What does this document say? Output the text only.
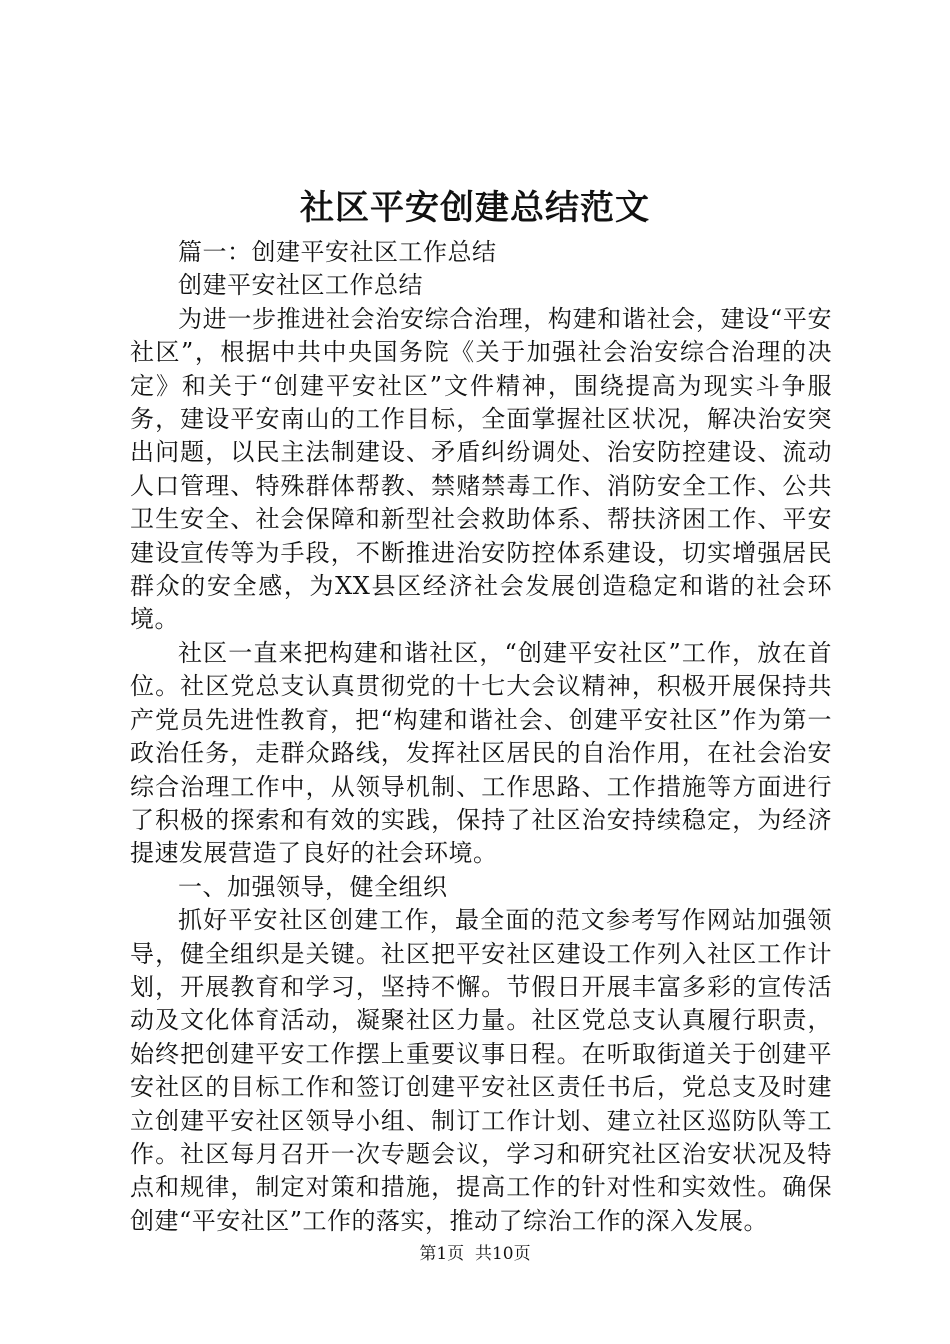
社区平安创建总结范文

篇一：创建平安社区工作总结

创建平安社区工作总结

为进一步推进社会治安综合治理，构建和谐社会，建设“平安社区”，根据中共中央国务院《关于加强社会治安综合治理的决定》和关于“创建平安社区”文件精神，围绕提高为现实斗争服务，建设平安南山的工作目标，全面掌握社区状况，解决治安突出问题，以民主法制建设、矛盾纠纷调处、治安防控建设、流动人口管理、特殊群体帮教、禁赌禁毒工作、消防安全工作、公共卫生安全、社会保障和新型社会救助体系、帮扶济困工作、平安建设宣传等为手段，不断推进治安防控体系建设，切实增强居民群众的安全感，为XX县区经济社会发展创造稳定和谐的社会环境。

社区一直来把构建和谐社区，“创建平安社区”工作，放在首位。社区党总支认真贯彻党的十七大会议精神，积极开展保持共产党员先进性教育，把“构建和谐社会、创建平安社区”作为第一政治任务，走群众路线，发挥社区居民的自治作用，在社会治安综合治理工作中，从领导机制、工作思路、工作措施等方面进行了积极的探索和有效的实践，保持了社区治安持续稳定，为经济提速发展营造了良好的社会环境。

一、加强领导，健全组织

抓好平安社区创建工作，最全面的范文参考写作网站加强领导，健全组织是关键。社区把平安社区建设工作列入社区工作计划，开展教育和学习，坚持不懈。节假日开展丰富多彩的宣传活动及文化体育活动，凝聚社区力量。社区党总支认真履行职责，始终把创建平安工作摆上重要议事日程。在听取街道关于创建平安社区的目标工作和签订创建平安社区责任书后，党总支及时建立创建平安社区领导小组、制订工作计划、建立社区巡防队等工作。社区每月召开一次专题会议，学习和研究社区治安状况及特点和规律，制定对策和措施，提高工作的针对性和实效性。确保创建“平安社区”工作的落实，推动了综治工作的深入发展。

第1页  共10页
